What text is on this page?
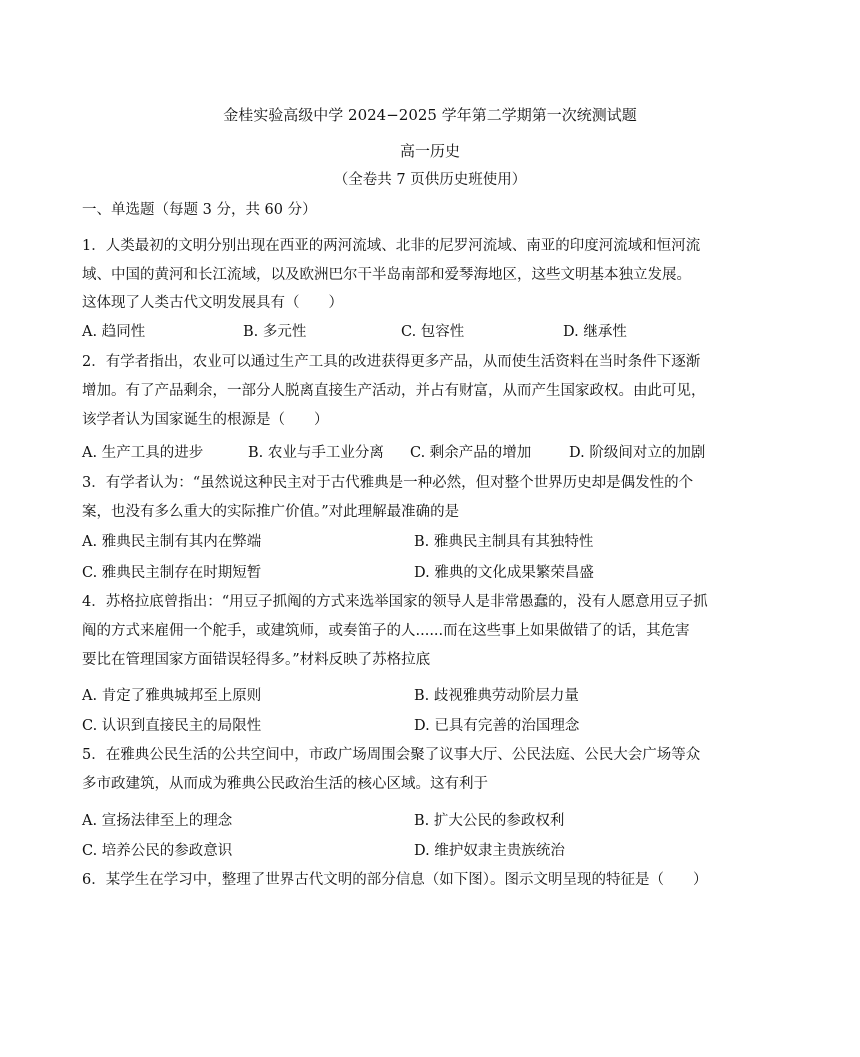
金桂实验高级中学 2024−2025 学年第二学期第一次统测试题
高一历史
（全卷共 7 页供历史班使用）
一、单选题（每题 3 分，共 60 分）
1．人类最初的文明分别出现在西亚的两河流域、北非的尼罗河流域、南亚的印度河流域和恒河流
域、中国的黄河和长江流域，以及欧洲巴尔干半岛南部和爱琴海地区，这些文明基本独立发展。
这体现了人类古代文明发展具有（　　）
A. 趋同性	B. 多元性	C. 包容性	D. 继承性
2．有学者指出，农业可以通过生产工具的改进获得更多产品，从而使生活资料在当时条件下逐渐
增加。有了产品剩余，一部分人脱离直接生产活动，并占有财富，从而产生国家政权。由此可见，
该学者认为国家诞生的根源是（　　）
A. 生产工具的进步	B. 农业与手工业分离 C. 剩余产品的增加	D. 阶级间对立的加剧
3．有学者认为：“虽然说这种民主对于古代雅典是一种必然，但对整个世界历史却是偶发性的个
案，也没有多么重大的实际推广价值。”对此理解最准确的是
A. 雅典民主制有其内在弊端	B. 雅典民主制具有其独特性
C. 雅典民主制存在时期短暂	D. 雅典的文化成果繁荣昌盛
4．苏格拉底曾指出：“用豆子抓阄的方式来选举国家的领导人是非常愚蠢的，没有人愿意用豆子抓
阄的方式来雇佣一个舵手，或建筑师，或奏笛子的人......而在这些事上如果做错了的话，其危害
要比在管理国家方面错误轻得多。”材料反映了苏格拉底
A. 肯定了雅典城邦至上原则	B. 歧视雅典劳动阶层力量
C. 认识到直接民主的局限性	D. 已具有完善的治国理念
5．在雅典公民生活的公共空间中，市政广场周围会聚了议事大厅、公民法庭、公民大会广场等众
多市政建筑，从而成为雅典公民政治生活的核心区域。这有利于
A. 宣扬法律至上的理念	B. 扩大公民的参政权利
C. 培养公民的参政意识	D. 维护奴隶主贵族统治
6．某学生在学习中，整理了世界古代文明的部分信息（如下图）。图示文明呈现的特征是（　　）
